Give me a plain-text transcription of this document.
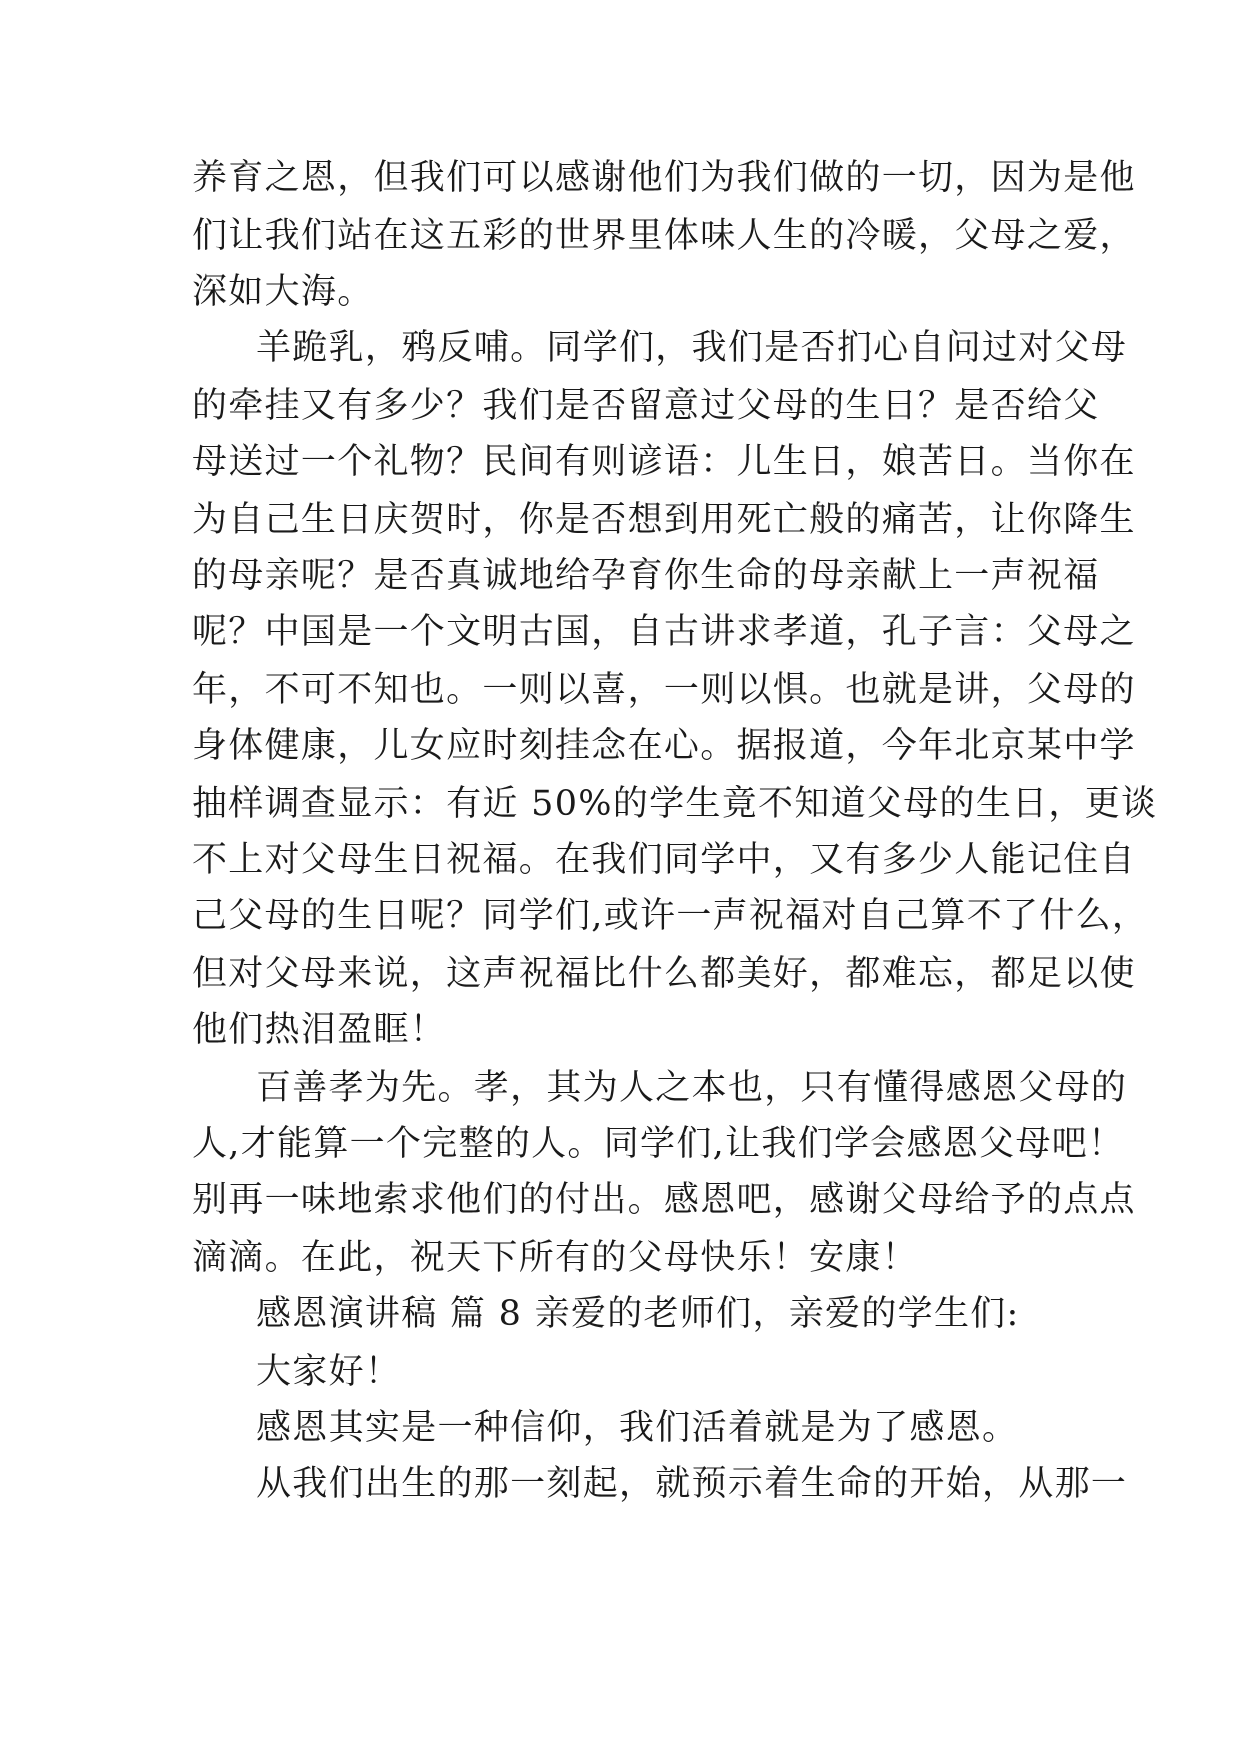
养育之恩，但我们可以感谢他们为我们做的一切，因为是他
们让我们站在这五彩的世界里体味人生的冷暖，父母之爱，
深如大海。
羊跪乳，鸦反哺。同学们，我们是否扪心自问过对父母
的牵挂又有多少？我们是否留意过父母的生日？是否给父
母送过一个礼物？民间有则谚语：儿生日，娘苦日。当你在
为自己生日庆贺时，你是否想到用死亡般的痛苦，让你降生
的母亲呢？是否真诚地给孕育你生命的母亲献上一声祝福
呢？中国是一个文明古国，自古讲求孝道，孔子言：父母之
年，不可不知也。一则以喜，一则以惧。也就是讲，父母的
身体健康，儿女应时刻挂念在心。据报道，今年北京某中学
抽样调查显示：有近 50%的学生竟不知道父母的生日，更谈
不上对父母生日祝福。在我们同学中，又有多少人能记住自
己父母的生日呢？同学们,或许一声祝福对自己算不了什么，
但对父母来说，这声祝福比什么都美好，都难忘，都足以使
他们热泪盈眶！
百善孝为先。孝，其为人之本也，只有懂得感恩父母的
人,才能算一个完整的人。同学们,让我们学会感恩父母吧！
别再一味地索求他们的付出。感恩吧，感谢父母给予的点点
滴滴。在此，祝天下所有的父母快乐！安康！
感恩演讲稿 篇 8 亲爱的老师们，亲爱的学生们:
大家好！
感恩其实是一种信仰，我们活着就是为了感恩。
从我们出生的那一刻起，就预示着生命的开始，从那一
